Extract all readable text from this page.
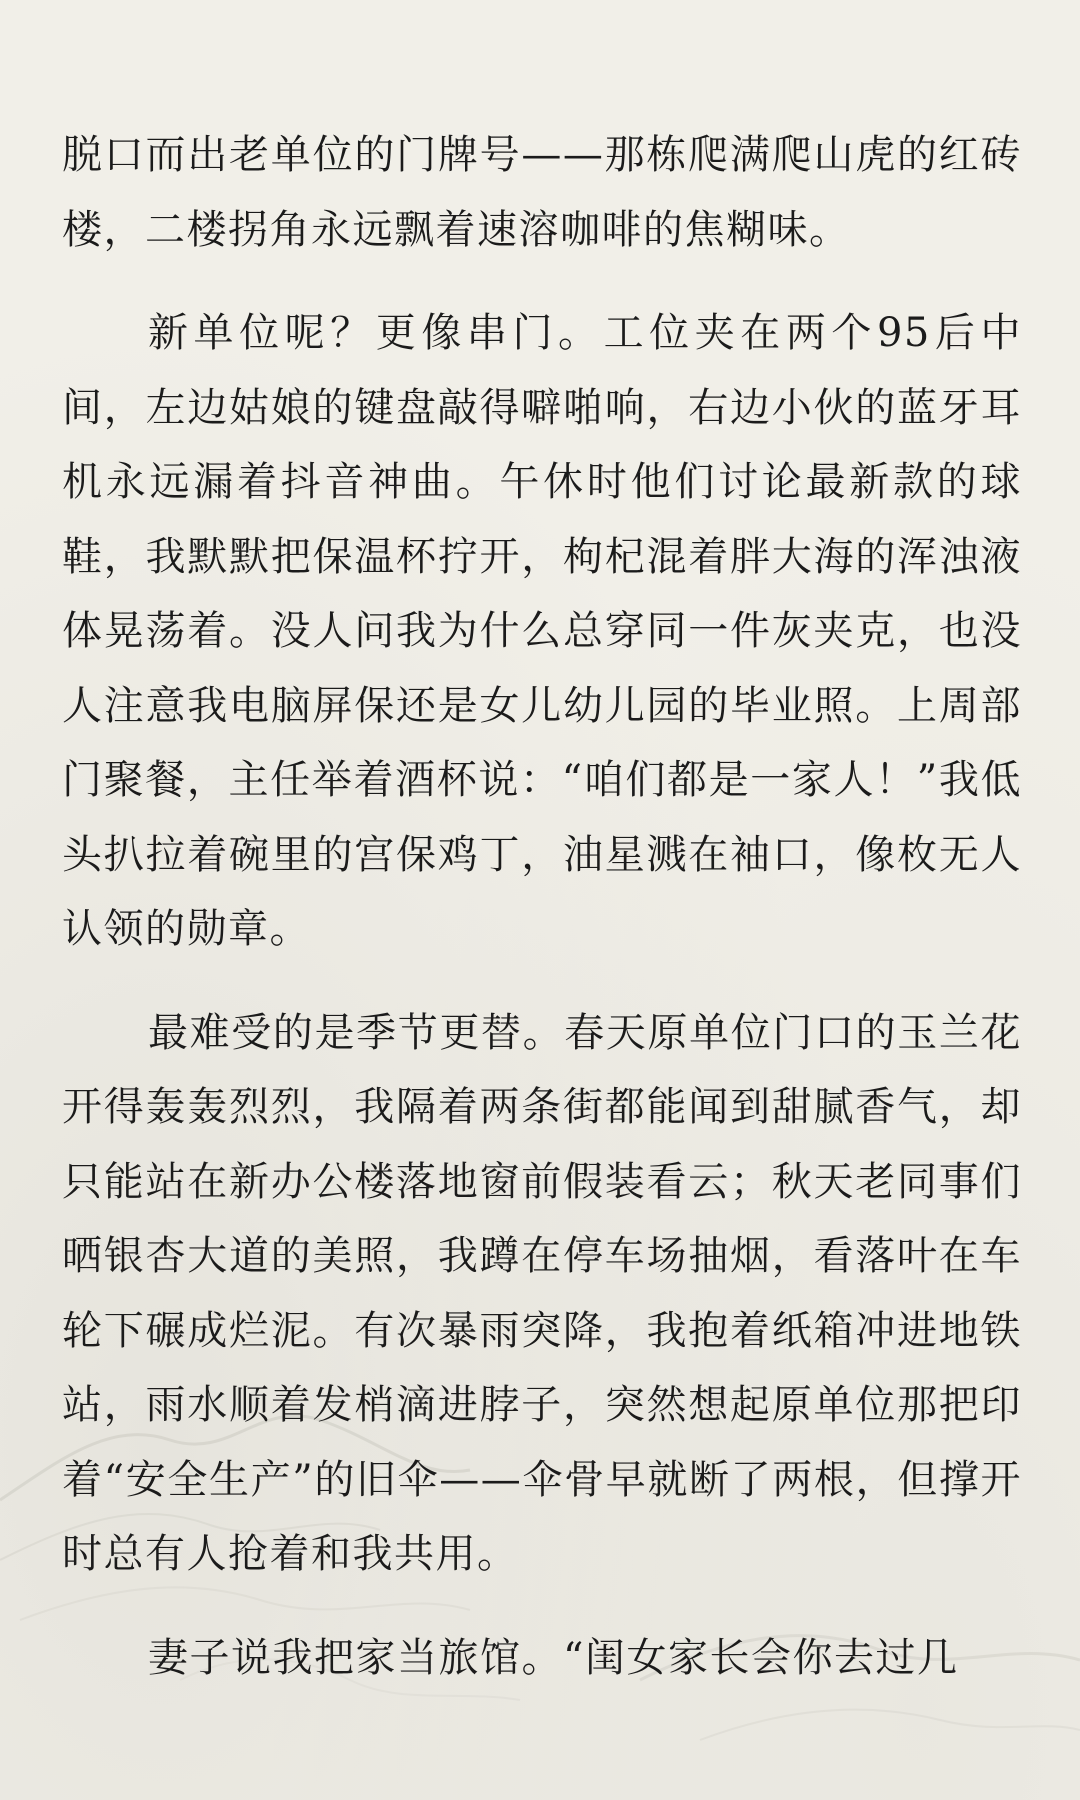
脱口而出老单位的门牌号——那栋爬满爬山虎的红砖楼，二楼拐角永远飘着速溶咖啡的焦糊味。

新单位呢？更像串门。工位夹在两个95后中间，左边姑娘的键盘敲得噼啪响，右边小伙的蓝牙耳机永远漏着抖音神曲。午休时他们讨论最新款的球鞋，我默默把保温杯拧开，枸杞混着胖大海的浑浊液体晃荡着。没人问我为什么总穿同一件灰夹克，也没人注意我电脑屏保还是女儿幼儿园的毕业照。上周部门聚餐，主任举着酒杯说：“咱们都是一家人！”我低头扒拉着碗里的宫保鸡丁，油星溅在袖口，像枚无人认领的勋章。

最难受的是季节更替。春天原单位门口的玉兰花开得轰轰烈烈，我隔着两条街都能闻到甜腻香气，却只能站在新办公楼落地窗前假装看云；秋天老同事们晒银杏大道的美照，我蹲在停车场抽烟，看落叶在车轮下碾成烂泥。有次暴雨突降，我抱着纸箱冲进地铁站，雨水顺着发梢滴进脖子，突然想起原单位那把印着“安全生产”的旧伞——伞骨早就断了两根，但撑开时总有人抢着和我共用。

妻子说我把家当旅馆。“闺女家长会你去过几
